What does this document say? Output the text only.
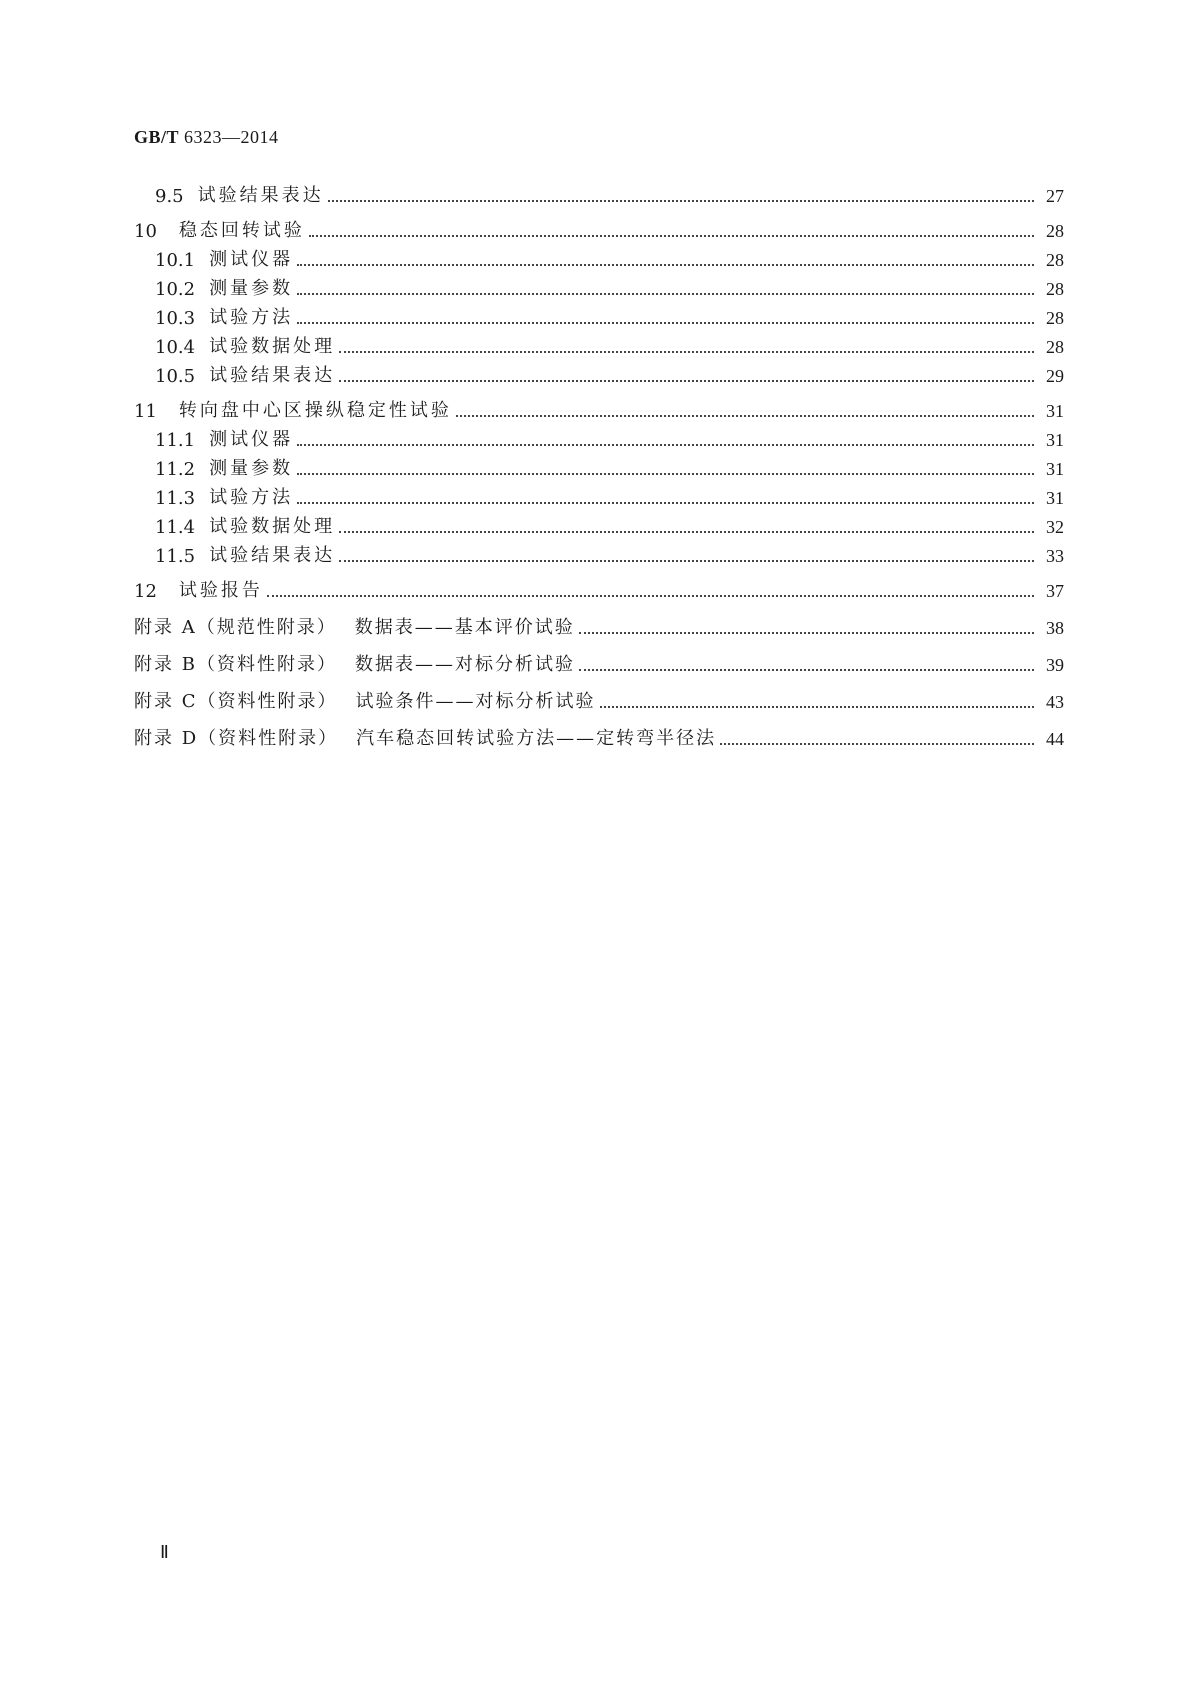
GB/T 6323—2014
9.5 试验结果表达	27
10 稳态回转试验	28
10.1 测试仪器	28
10.2 测量参数	28
10.3 试验方法	28
10.4 试验数据处理	28
10.5 试验结果表达	29
11 转向盘中心区操纵稳定性试验	31
11.1 测试仪器	31
11.2 测量参数	31
11.3 试验方法	31
11.4 试验数据处理	32
11.5 试验结果表达	33
12 试验报告	37
附录 A（规范性附录） 数据表——基本评价试验	38
附录 B（资料性附录） 数据表——对标分析试验	39
附录 C（资料性附录） 试验条件——对标分析试验	43
附录 D（资料性附录） 汽车稳态回转试验方法——定转弯半径法	44
Ⅱ
